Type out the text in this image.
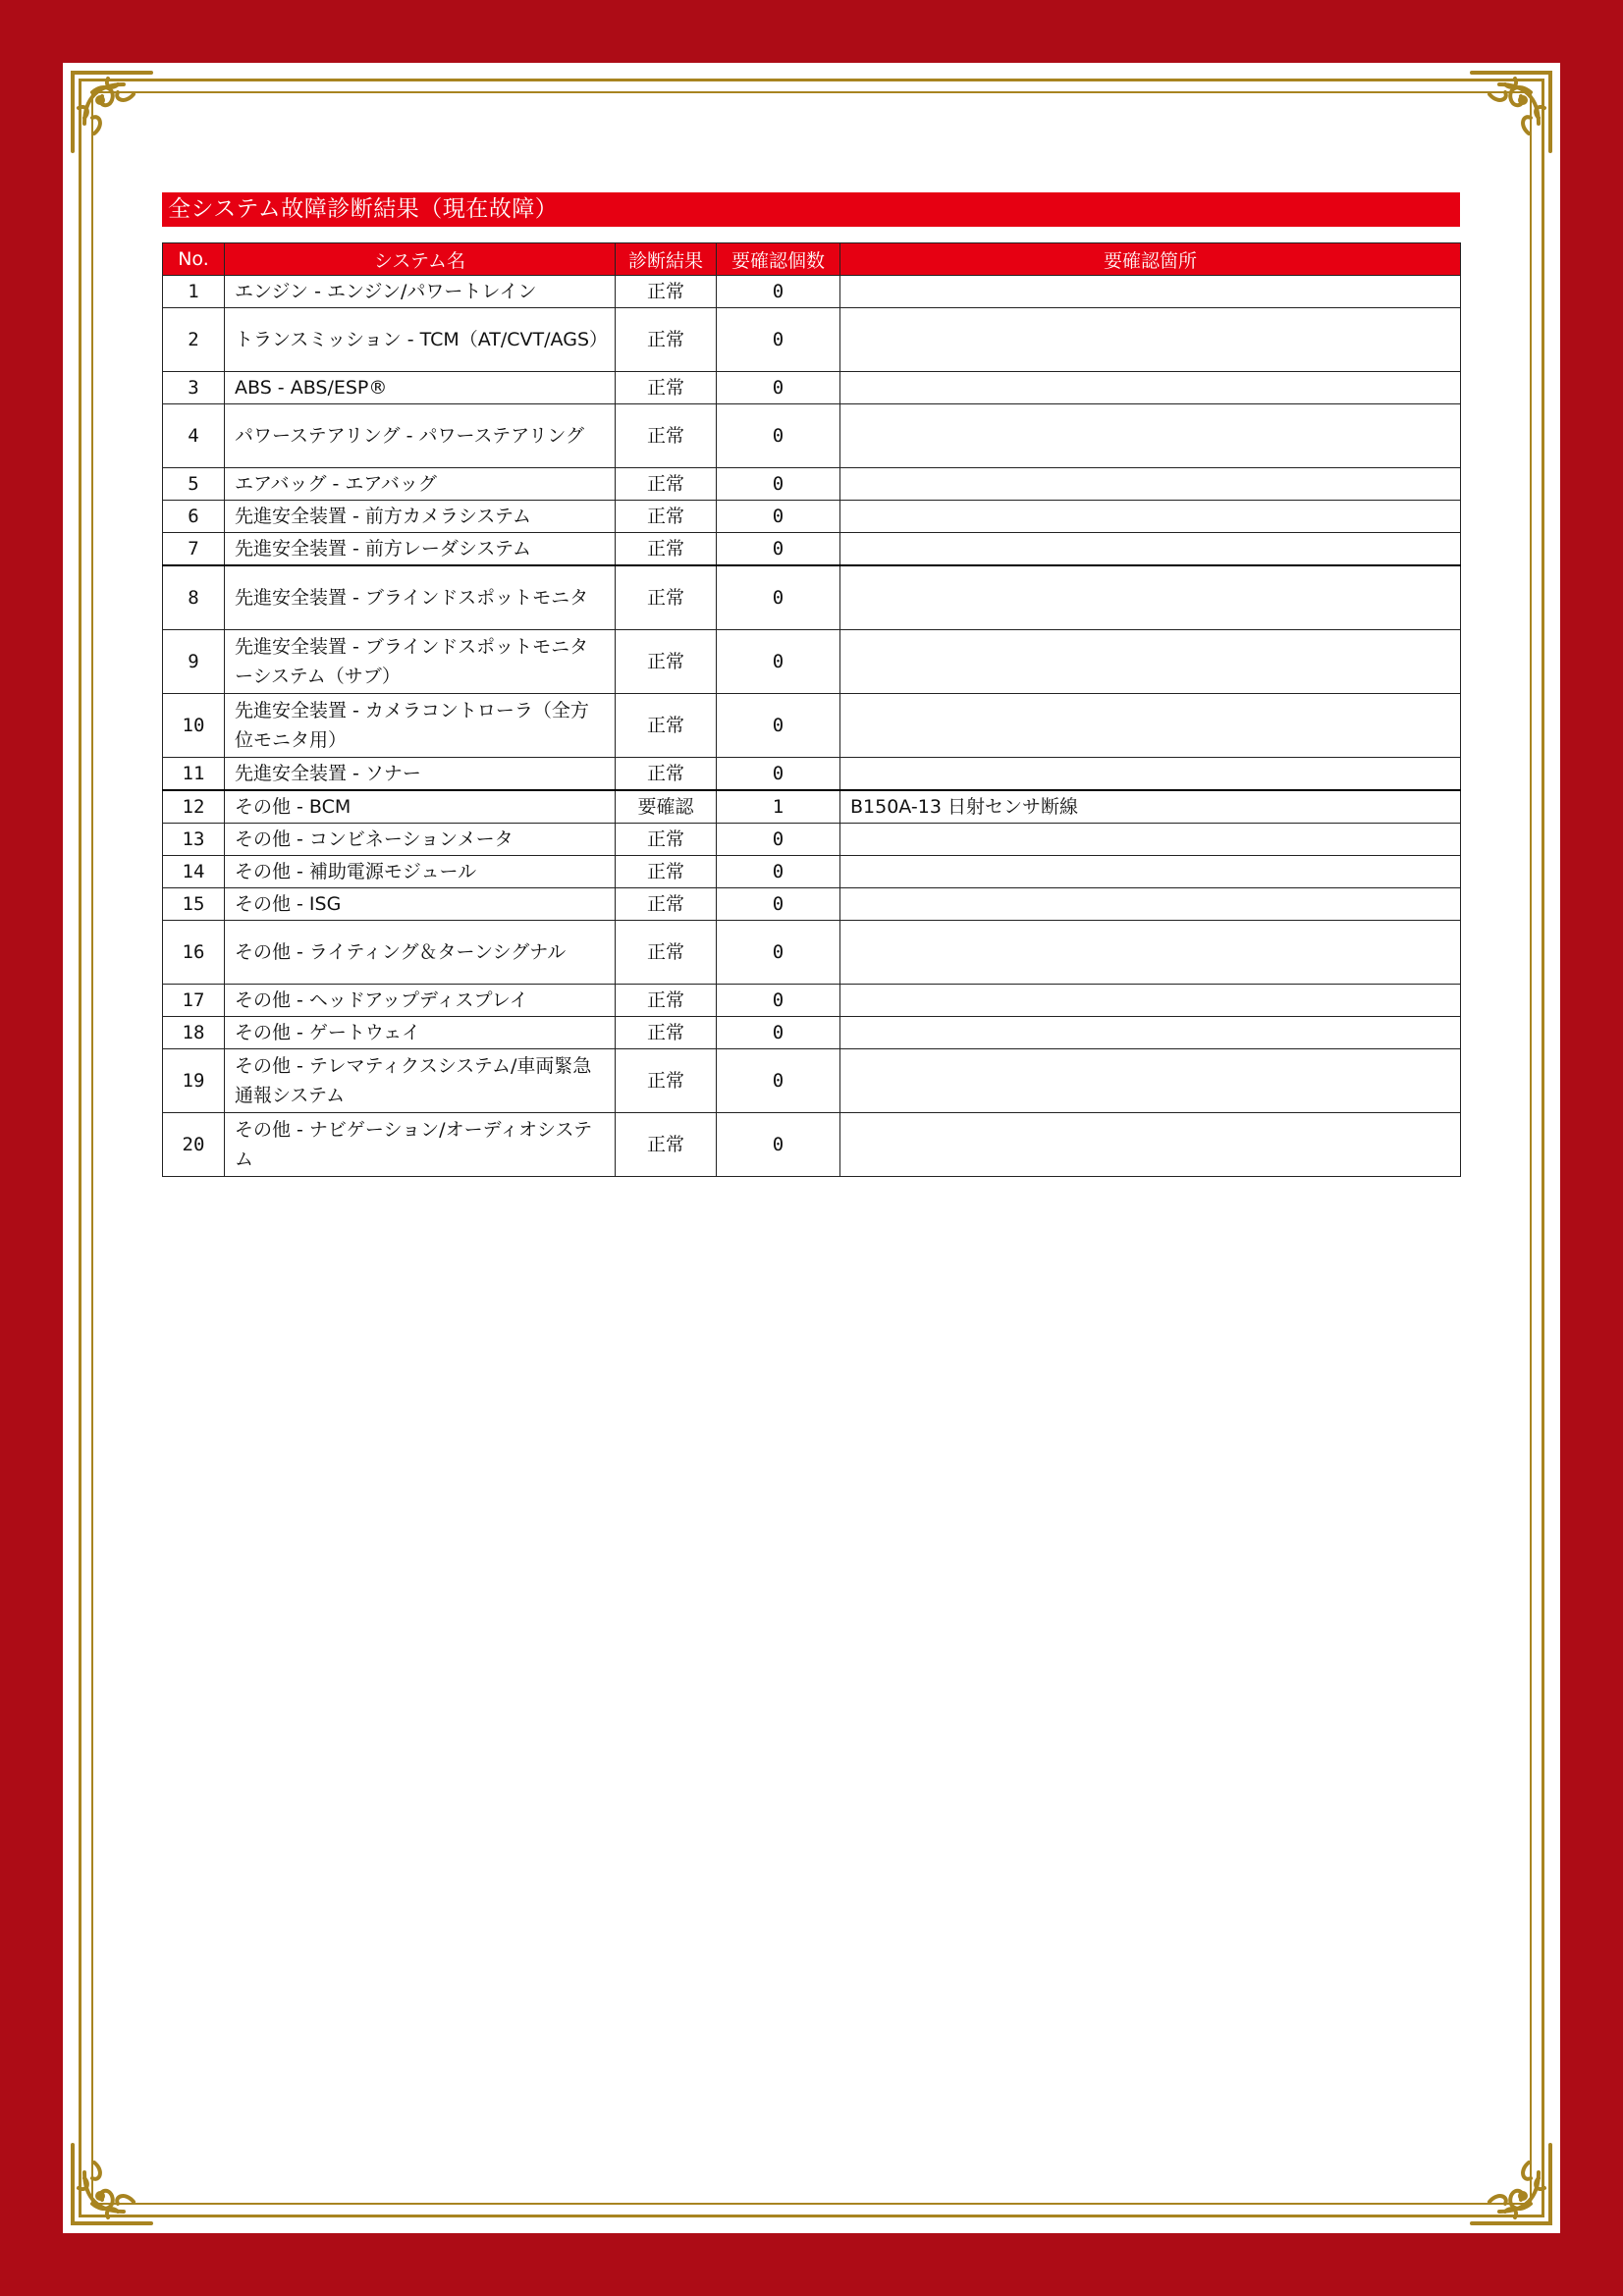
全システム故障診断結果（現在故障）
No.	システム名	診断結果	要確認個数	要確認箇所
1	エンジン - エンジン/パワートレイン	正常	0	
2	トランスミッション - TCM（AT/CVT/AGS）	正常	0	
3	ABS - ABS/ESP®	正常	0	
4	パワーステアリング - パワーステアリング	正常	0	
5	エアバッグ - エアバッグ	正常	0	
6	先進安全装置 - 前方カメラシステム	正常	0	
7	先進安全装置 - 前方レーダシステム	正常	0	
8	先進安全装置 - ブラインドスポットモニタ	正常	0	
9	先進安全装置 - ブラインドスポットモニターシステム（サブ）	正常	0	
10	先進安全装置 - カメラコントローラ（全方位モニタ用）	正常	0	
11	先進安全装置 - ソナー	正常	0	
12	その他 - BCM	要確認	1	B150A-13 日射センサ断線
13	その他 - コンビネーションメータ	正常	0	
14	その他 - 補助電源モジュール	正常	0	
15	その他 - ISG	正常	0	
16	その他 - ライティング＆ターンシグナル	正常	0	
17	その他 - ヘッドアップディスプレイ	正常	0	
18	その他 - ゲートウェイ	正常	0	
19	その他 - テレマティクスシステム/車両緊急通報システム	正常	0	
20	その他 - ナビゲーション/オーディオシステム	正常	0	
